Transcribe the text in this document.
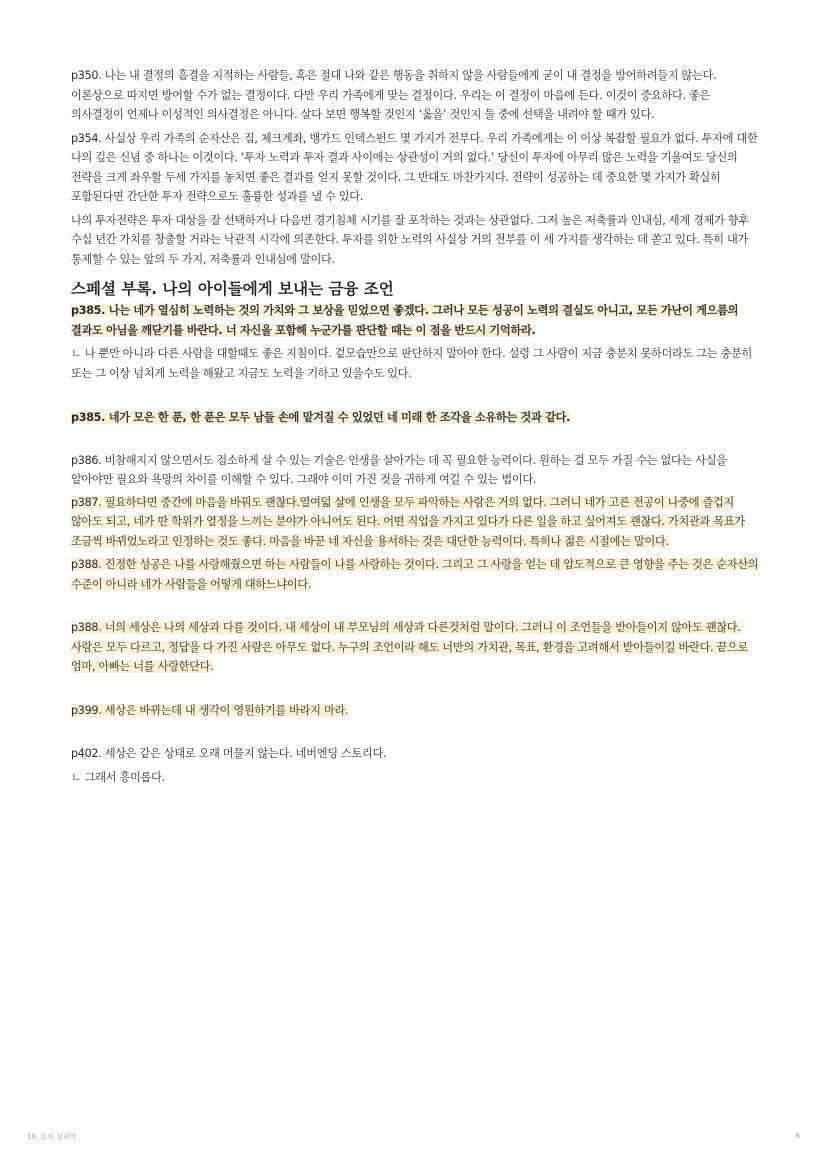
p350. 나는 내 결정의 흠결을 지적하는 사람들, 혹은 절대 나와 같은 행동을 취하지 않을 사람들에게 굳이 내 결정을 방어하려들지 않는다. 이론상으로 따지면 방어할 수가 없는 결정이다. 다만 우리 가족에게 맞는 결정이다. 우리는 이 결정이 마음에 든다. 이것이 중요하다. 좋은 의사결정이 언제나 이성적인 의사결정은 아니다. 살다 보면 행복할 것인지 ‘옳을’ 것인지 둘 중에 선택을 내려야 할 때가 있다.

p354. 사실상 우리 가족의 순자산은 집, 체크계좌, 뱅가드 인덱스펀드 몇 가지가 전부다. 우리 가족에게는 이 이상 복잡할 필요가 없다. 투자에 대한 나의 깊은 신념 중 하나는 이것이다. ‘투자 노력과 투자 결과 사이에는 상관성이 거의 없다.’ 당신이 투자에 아무리 많은 노력을 기울여도 당신의 전략을 크게 좌우할 두세 가지를 놓치면 좋은 결과를 얻지 못할 것이다. 그 반대도 마찬가지다. 전략이 성공하는 데 중요한 몇 가지가 확실히 포함된다면 간단한 투자 전략으로도 훌륭한 성과를 낼 수 있다.

나의 투자전략은 투자 대상을 잘 선택하거나 다음번 경기침체 시기를 잘 포착하는 것과는 상관없다. 그저 높은 저축률과 인내심, 세계 경제가 향후 수십 년간 가치를 창출할 거라는 낙관적 시각에 의존한다. 투자를 위한 노력의 사실상 거의 전부를 이 세 가지를 생각하는 데 쏟고 있다. 특히 내가 통제할 수 있는 앞의 두 가지, 저축률과 인내심에 말이다.

스페셜 부록. 나의 아이들에게 보내는 금융 조언

p385. 나는 네가 열심히 노력하는 것의 가치와 그 보상을 믿었으면 좋겠다. 그러나 모든 성공이 노력의 결실도 아니고, 모든 가난이 게으름의 결과도 아님을 깨닫기를 바란다. 너 자신을 포함해 누군가를 판단할 때는 이 점을 반드시 기억하라.

ㄴ 나 뿐만 아니라 다른 사람을 대할때도 좋은 지침이다. 겉모습만으로 판단하지 말아야 한다. 설령 그 사람이 지금 충분치 못하더라도 그는 충분히 또는 그 이상 넘치게 노력을 해왔고 지금도 노력을 기하고 있을수도 있다.

p385. 네가 모은 한 푼, 한 푼은 모두 남들 손에 맡겨질 수 있었던 네 미래 한 조각을 소유하는 것과 같다.

p386. 비참해지지 않으면서도 검소하게 살 수 있는 기술은 인생을 살아가는 데 꼭 필요한 능력이다. 원하는 걸 모두 가질 수는 없다는 사실을 알아야만 필요와 욕망의 차이를 이해할 수 있다. 그래야 이미 가진 것을 귀하게 여길 수 있는 법이다.

p387. 필요하다면 중간에 마음을 바꿔도 괜찮다.열여덟 살에 인생을 모두 파악하는 사람은 거의 없다. 그러니 네가 고른 전공이 나중에 즐겁지 않아도 되고, 네가 딴 학위가 열정을 느끼는 분야가 아니어도 된다. 어떤 직업을 가지고 있다가 다른 일을 하고 싶어져도 괜찮다. 가치관과 목표가 조금씩 바뀌었노라고 인정하는 것도 좋다. 마음을 바꾼 네 자신을 용서하는 것은 대단한 능력이다. 특히나 젊은 시절에는 말이다.

p388. 진정한 성공은 나를 사랑해줬으면 하는 사람들이 나를 사랑하는 것이다. 그리고 그 사랑을 얻는 데 압도적으로 큰 영향을 주는 것은 순자산의 수준이 아니라 네가 사람들을 어떻게 대하느냐이다.

p388. 너의 세상은 나의 세상과 다를 것이다. 내 세상이 내 부모님의 세상과 다른것처럼 말이다. 그러니 이 조언들을 받아들이지 않아도 괜찮다. 사람은 모두 다르고, 정답을 다 가진 사람은 아무도 없다. 누구의 조언이라 해도 너만의 가치관, 목표, 환경을 고려해서 받아들이길 바란다. 끝으로 엄마, 아빠는 너를 사랑한단다.

p399. 세상은 바뀌는데 내 생각이 영원하기를 바라지 마라.

p402. 세상은 같은 상태로 오래 머물지 않는다. 네버엔딩 스토리다.

ㄴ 그래서 흥미롭다.

10. 돈의 심리학	6
